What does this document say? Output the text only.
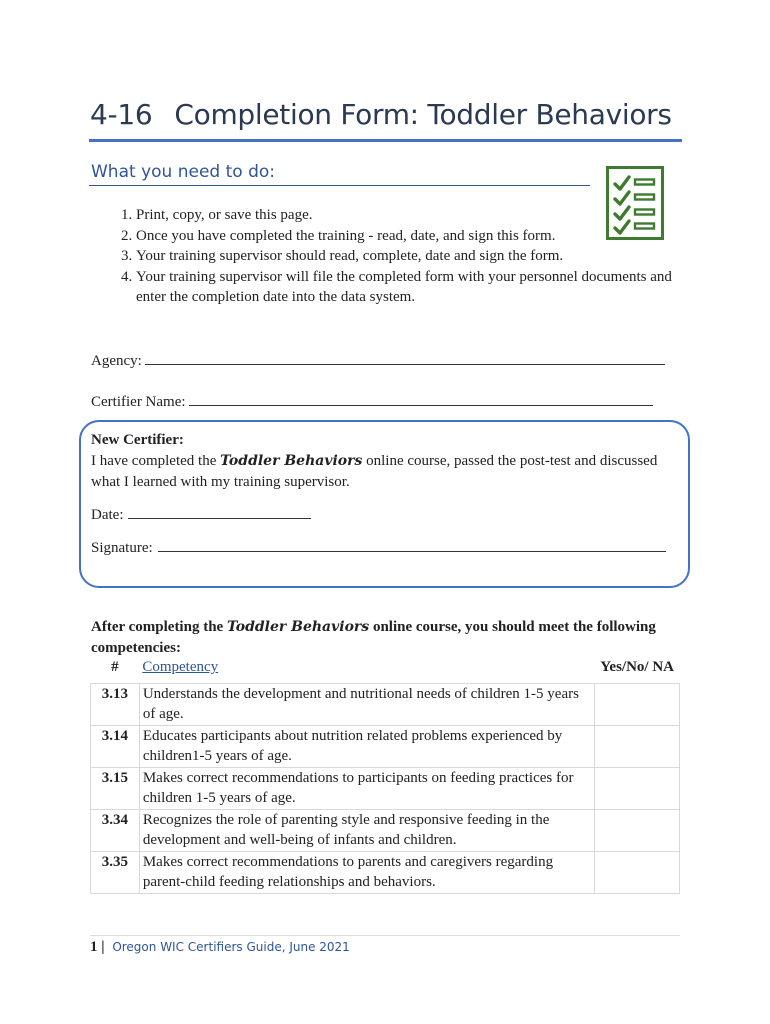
4-16 Completion Form: Toddler Behaviors
What you need to do:
1. Print, copy, or save this page.
2. Once you have completed the training - read, date, and sign this form.
3. Your training supervisor should read, complete, date and sign the form.
4. Your training supervisor will file the completed form with your personnel documents and enter the completion date into the data system.
Agency:
Certifier Name:
New Certifier:
I have completed the Toddler Behaviors online course, passed the post-test and discussed what I learned with my training supervisor.
Date:
Signature:
After completing the Toddler Behaviors online course, you should meet the following competencies:
#	Competency	Yes/No/ NA
3.13	Understands the development and nutritional needs of children 1-5 years of age.	
3.14	Educates participants about nutrition related problems experienced by children1-5 years of age.	
3.15	Makes correct recommendations to participants on feeding practices for children 1-5 years of age.	
3.34	Recognizes the role of parenting style and responsive feeding in the development and well-being of infants and children.	
3.35	Makes correct recommendations to parents and caregivers regarding parent-child feeding relationships and behaviors.	
1 | Oregon WIC Certifiers Guide, June 2021
